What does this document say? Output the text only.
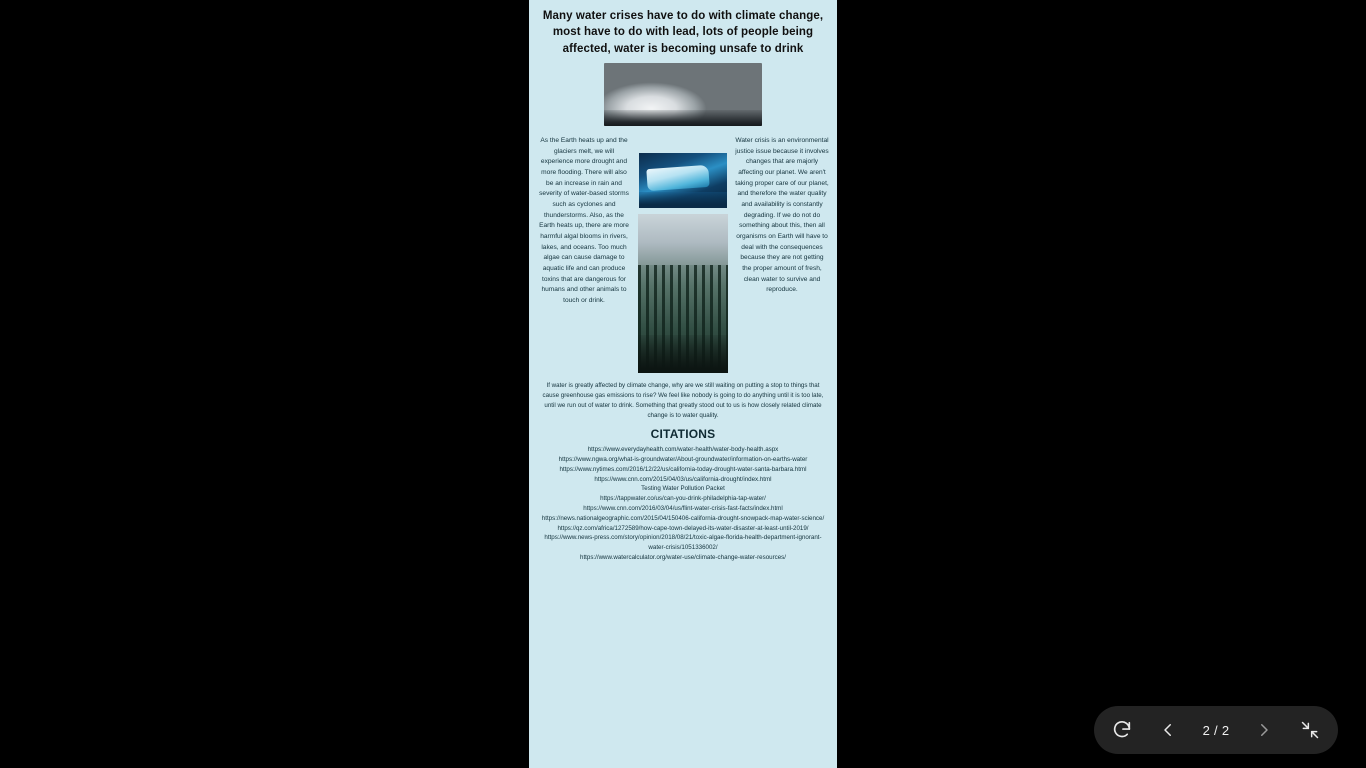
Many water crises have to do with climate change, most have to do with lead, lots of people being affected, water is becoming unsafe to drink
As the Earth heats up and the glaciers melt, we will experience more drought and more flooding. There will also be an increase in rain and severity of water-based storms such as cyclones and thunderstorms. Also, as the Earth heats up, there are more harmful algal blooms in rivers, lakes, and oceans. Too much algae can cause damage to aquatic life and can produce toxins that are dangerous for humans and other animals to touch or drink.
Water crisis is an environmental justice issue because it involves changes that are majorly affecting our planet. We aren't taking proper care of our planet, and therefore the water quality and availability is constantly degrading. If we do not do something about this, then all organisms on Earth will have to deal with the consequences because they are not getting the proper amount of fresh, clean water to survive and reproduce.
If water is greatly affected by climate change, why are we still waiting on putting a stop to things that cause greenhouse gas emissions to rise? We feel like nobody is going to do anything until it is too late, until we run out of water to drink. Something that greatly stood out to us is how closely related climate change is to water quality.
CITATIONS

https://www.everydayhealth.com/water-health/water-body-health.aspx

https://www.ngwa.org/what-is-groundwater/About-groundwater/information-on-earths-water

https://www.nytimes.com/2016/12/22/us/california-today-drought-water-santa-barbara.html

https://www.cnn.com/2015/04/03/us/california-drought/index.html

Testing Water Pollution Packet

https://tappwater.co/us/can-you-drink-philadelphia-tap-water/

https://www.cnn.com/2016/03/04/us/flint-water-crisis-fast-facts/index.html

https://news.nationalgeographic.com/2015/04/150406-california-drought-snowpack-map-water-science/

https://qz.com/africa/1272589/how-cape-town-delayed-its-water-disaster-at-least-until-2019/

https://www.news-press.com/story/opinion/2018/08/21/toxic-algae-florida-health-department-ignorant-water-crisis/1051336002/

https://www.watercalculator.org/water-use/climate-change-water-resources/

2 / 2
